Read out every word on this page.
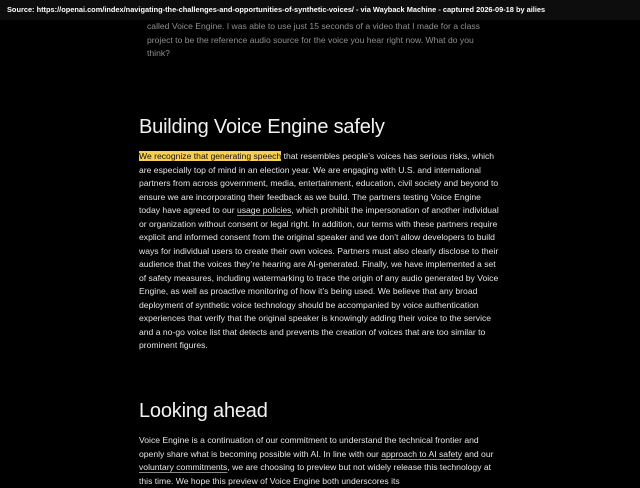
Source: https://openai.com/index/navigating-the-challenges-and-opportunities-of-synthetic-voices/ - via Wayback Machine - captured 2026-09-18 by ailies
called Voice Engine. I was able to use just 15 seconds of a video that I made for a class
project to be the reference audio source for the voice you hear right now. What do you
think?
Building Voice Engine safely

We recognize that generating speech that resembles people’s voices has serious risks, which are especially top of mind in an election year. We are engaging with U.S. and international partners from across government, media, entertainment, education, civil society and beyond to ensure we are incorporating their feedback as we build. The partners testing Voice Engine today have agreed to our usage policies, which prohibit the impersonation of another individual or organization without consent or legal right. In addition, our terms with these partners require explicit and informed consent from the original speaker and we don’t allow developers to build ways for individual users to create their own voices. Partners must also clearly disclose to their audience that the voices they’re hearing are AI-generated. Finally, we have implemented a set of safety measures, including watermarking to trace the origin of any audio generated by Voice Engine, as well as proactive monitoring of how it’s being used. We believe that any broad deployment of synthetic voice technology should be accompanied by voice authentication experiences that verify that the original speaker is knowingly adding their voice to the service and a no-go voice list that detects and prevents the creation of voices that are too similar to prominent figures.

Looking ahead

Voice Engine is a continuation of our commitment to understand the technical frontier and openly share what is becoming possible with AI. In line with our approach to AI safety and our voluntary commitments, we are choosing to preview but not widely release this technology at this time. We hope this preview of Voice Engine both underscores its
